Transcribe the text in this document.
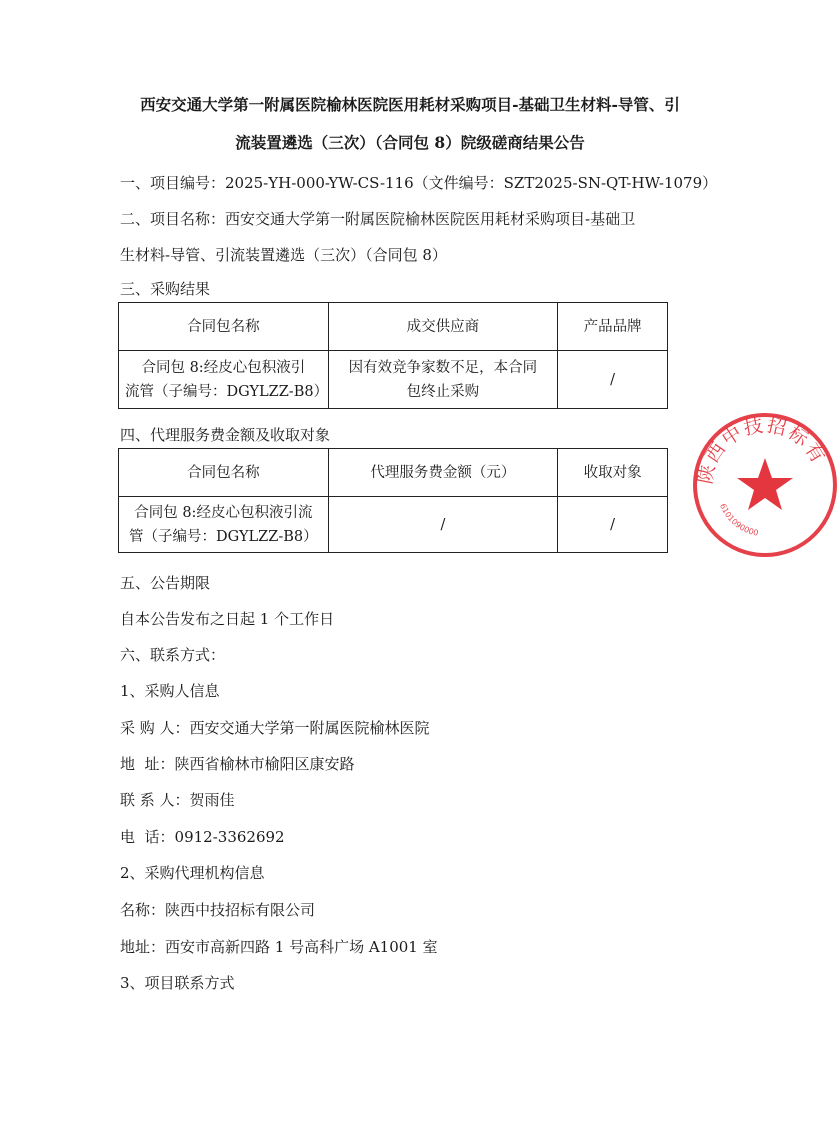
西安交通大学第一附属医院榆林医院医用耗材采购项目-基础卫生材料-导管、引
流装置遴选（三次）（合同包 8）院级磋商结果公告
一、项目编号：2025-YH-000-YW-CS-116（文件编号：SZT2025-SN-QT-HW-1079）
二、项目名称：西安交通大学第一附属医院榆林医院医用耗材采购项目-基础卫
生材料-导管、引流装置遴选（三次）（合同包 8）
三、采购结果
合同包名称	成交供应商	产品品牌
合同包 8:经皮心包积液引
流管（子编号：DGYLZZ-B8）	因有效竞争家数不足，本合同
包终止采购	/
四、代理服务费金额及收取对象
合同包名称	代理服务费金额（元）	收取对象
合同包 8:经皮心包积液引流
管（子编号：DGYLZZ-B8）	/	/
五、公告期限
自本公告发布之日起 1 个工作日
六、联系方式：
1、采购人信息
采 购 人：西安交通大学第一附属医院榆林医院
地  址：陕西省榆林市榆阳区康安路
联 系 人：贺雨佳
电  话：0912-3362692
2、采购代理机构信息
名称：陕西中技招标有限公司
地址：西安市高新四路 1 号高科广场 A1001 室
3、项目联系方式
陕西中技招标有
6101090000
